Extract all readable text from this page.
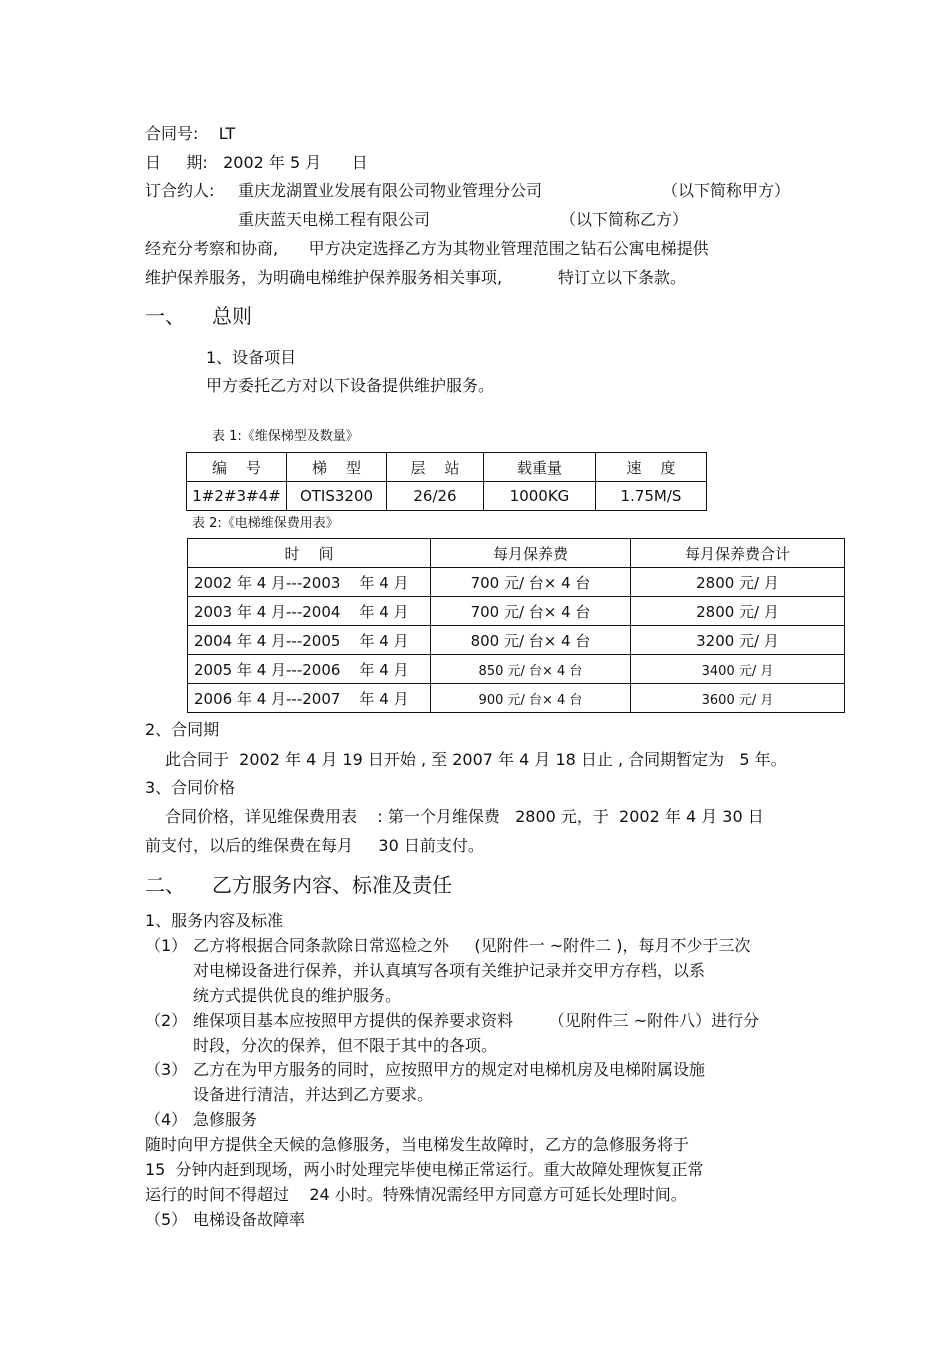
合同号:    LT
日     期:   2002 年 5 月      日
订合约人: 重庆龙湖置业发展有限公司物业管理分公司	（以下简称甲方）
重庆蓝天电梯工程有限公司	（以下简称乙方）
经充分考察和协商,      甲方决定选择乙方为其物业管理范围之钻石公寓电梯提供
维护保养服务，为明确电梯维护保养服务相关事项,           特订立以下条款。
一、 总则
1、设备项目
甲方委托乙方对以下设备提供维护服务。
表 1:《维保梯型及数量》
编    号	梯    型	层    站	载重量	速    度
1#2#3#4#	OTIS3200	26/26	1000KG	1.75M/S
表 2:《电梯维保费用表》
时    间	每月保养费	每月保养费合计
2002 年 4 月---2003    年 4 月	700 元/ 台× 4 台	2800 元/ 月
2003 年 4 月---2004    年 4 月	700 元/ 台× 4 台	2800 元/ 月
2004 年 4 月---2005    年 4 月	800 元/ 台× 4 台	3200 元/ 月
2005 年 4 月---2006    年 4 月	850 元/ 台× 4 台	3400 元/ 月
2006 年 4 月---2007    年 4 月	900 元/ 台× 4 台	3600 元/ 月
2、合同期
此合同于  2002 年 4 月 19 日开始 , 至 2007 年 4 月 18 日止 , 合同期暂定为   5 年。
3、合同价格
合同价格，详见维保费用表    : 第一个月维保费   2800 元，于  2002 年 4 月 30 日
前支付，以后的维保费在每月     30 日前支付。
二、 乙方服务内容、标准及责任
1、服务内容及标准
（1） 乙方将根据合同条款除日常巡检之外     (见附件一 ~附件二 )，每月不少于三次
对电梯设备进行保养，并认真填写各项有关维护记录并交甲方存档，以系
统方式提供优良的维护服务。
（2） 维保项目基本应按照甲方提供的保养要求资料       （见附件三 ~附件八）进行分
时段，分次的保养，但不限于其中的各项。
（3） 乙方在为甲方服务的同时，应按照甲方的规定对电梯机房及电梯附属设施
设备进行清洁，并达到乙方要求。
（4） 急修服务
随时向甲方提供全天候的急修服务，当电梯发生故障时，乙方的急修服务将于
15  分钟内赶到现场，两小时处理完毕使电梯正常运行。重大故障处理恢复正常
运行的时间不得超过    24 小时。特殊情况需经甲方同意方可延长处理时间。
（5） 电梯设备故障率
